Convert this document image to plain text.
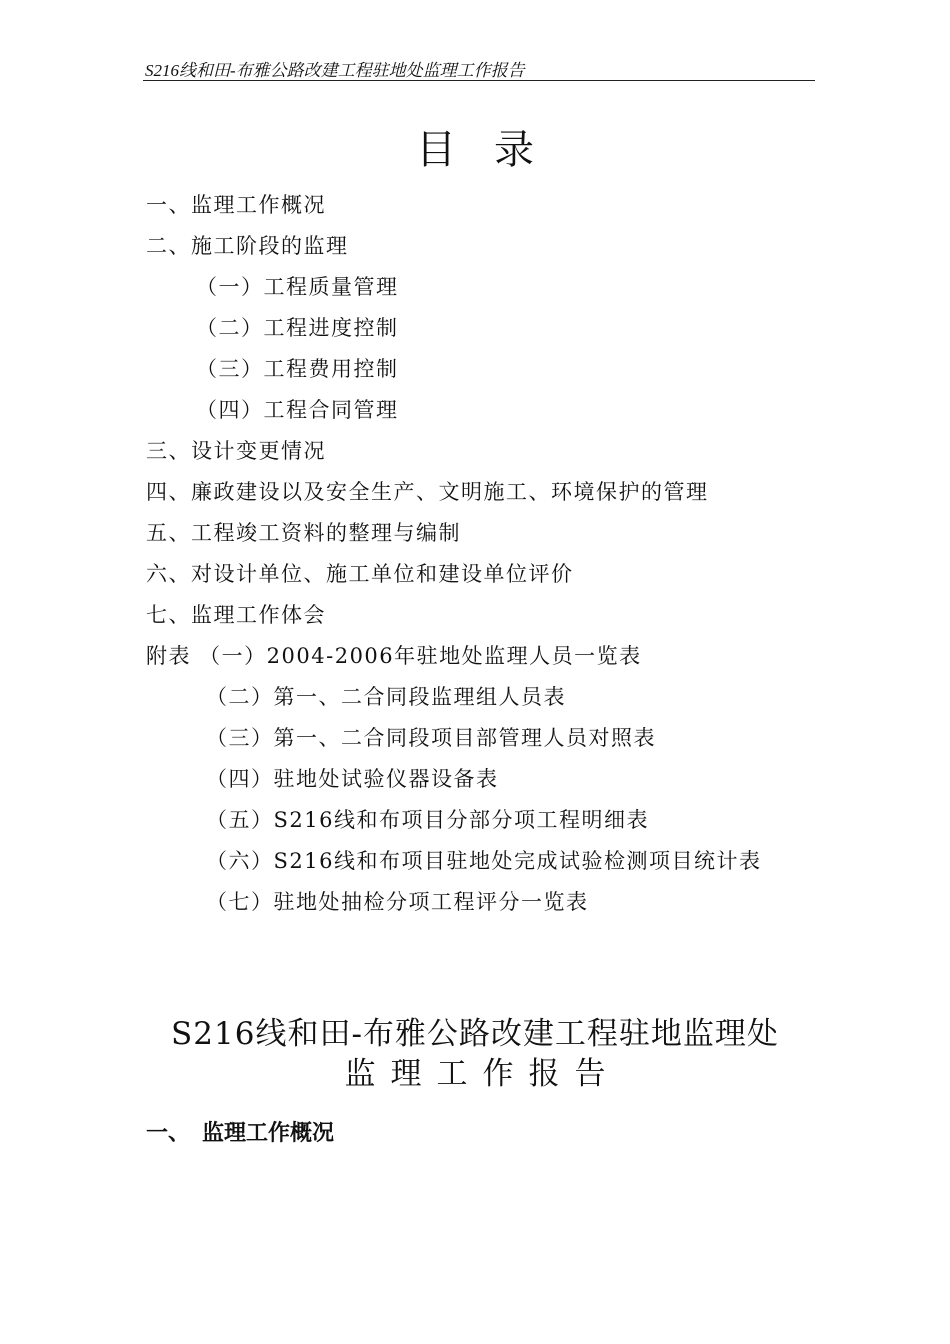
S216线和田-布雅公路改建工程驻地处监理工作报告
目录
一、监理工作概况
二、施工阶段的监理
（一）工程质量管理
（二）工程进度控制
（三）工程费用控制
（四）工程合同管理
三、设计变更情况
四、廉政建设以及安全生产、文明施工、环境保护的管理
五、工程竣工资料的整理与编制
六、对设计单位、施工单位和建设单位评价
七、监理工作体会
附表 （一）2004-2006年驻地处监理人员一览表
（二）第一、二合同段监理组人员表
（三）第一、二合同段项目部管理人员对照表
（四）驻地处试验仪器设备表
（五）S216线和布项目分部分项工程明细表
（六）S216线和布项目驻地处完成试验检测项目统计表
（七）驻地处抽检分项工程评分一览表
S216线和田-布雅公路改建工程驻地监理处
监理工作报告
一、 监理工作概况
